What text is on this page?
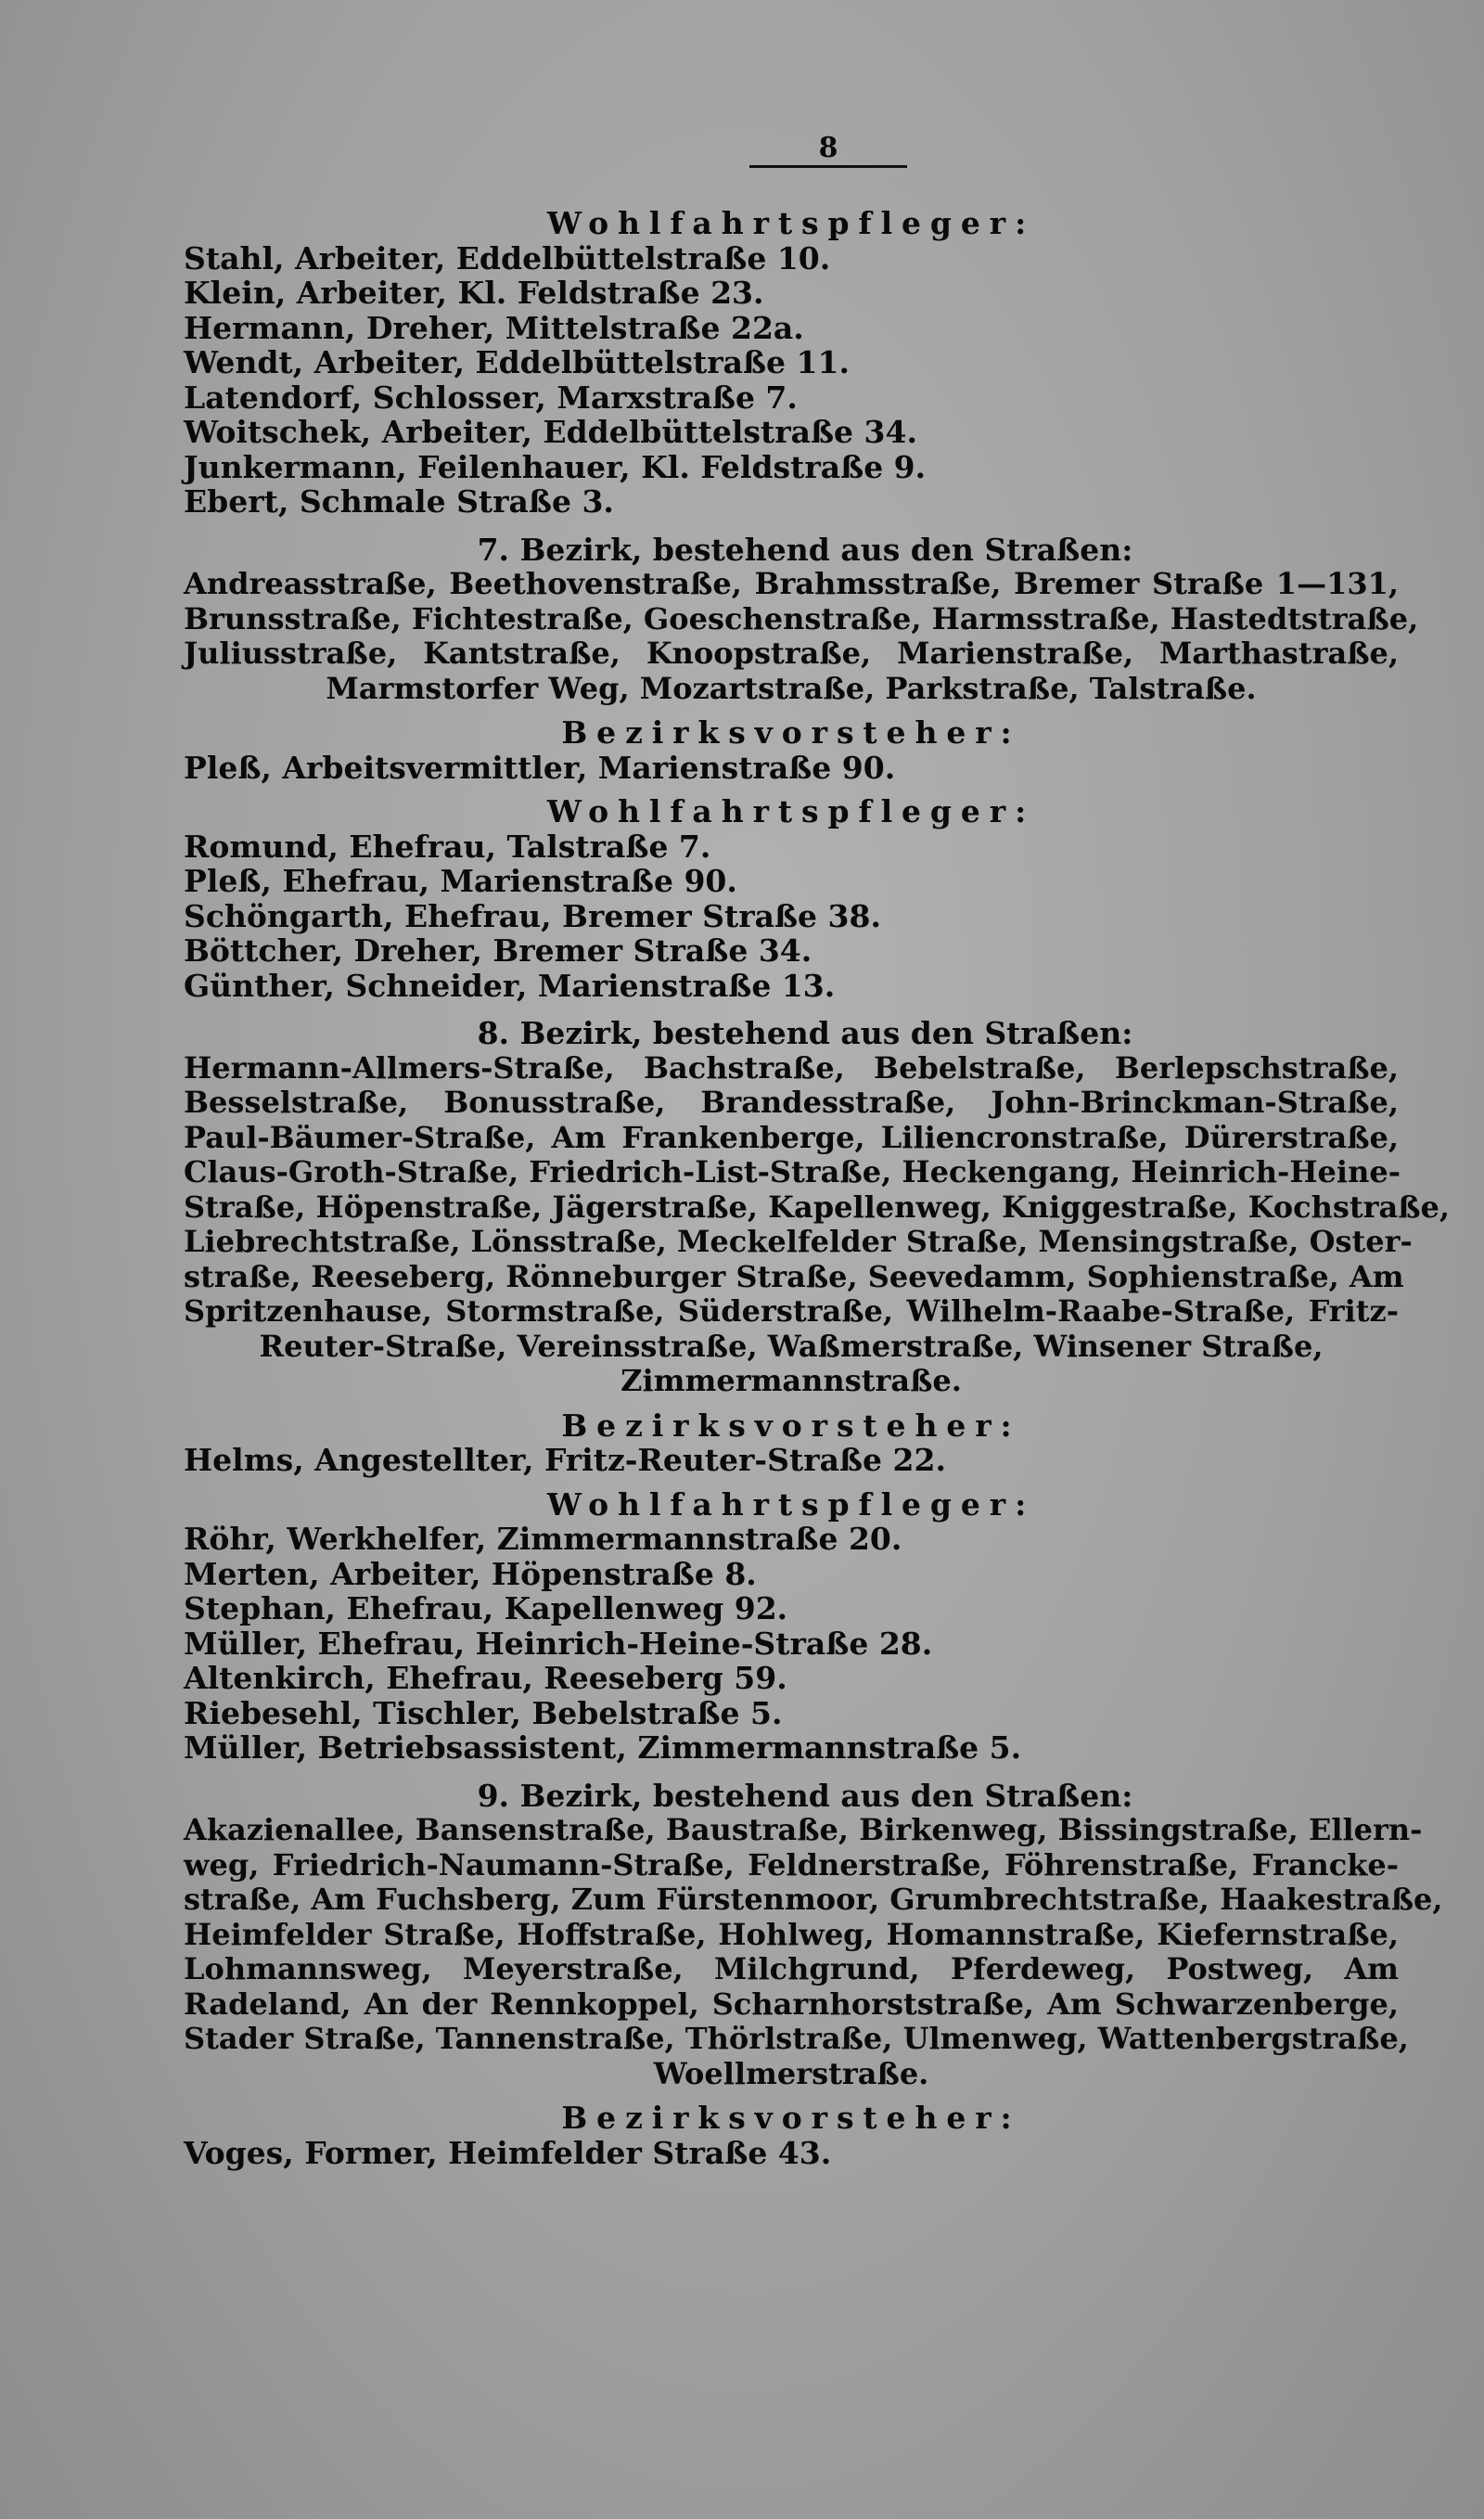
8
Wohlfahrtspfleger:
Stahl, Arbeiter, Eddelbüttelstraße 10.
Klein, Arbeiter, Kl. Feldstraße 23.
Hermann, Dreher, Mittelstraße 22a.
Wendt, Arbeiter, Eddelbüttelstraße 11.
Latendorf, Schlosser, Marxstraße 7.
Woitschek, Arbeiter, Eddelbüttelstraße 34.
Junkermann, Feilenhauer, Kl. Feldstraße 9.
Ebert, Schmale Straße 3.
7. Bezirk, bestehend aus den Straßen:
Andreasstraße, Beethovenstraße, Brahmsstraße, Bremer Straße 1—131,
Brunsstraße, Fichtestraße, Goeschenstraße, Harmsstraße, Hastedtstraße,
Juliusstraße, Kantstraße, Knoopstraße, Marienstraße, Marthastraße,
Marmstorfer Weg, Mozartstraße, Parkstraße, Talstraße.
Bezirksvorsteher:
Pleß, Arbeitsvermittler, Marienstraße 90.
Wohlfahrtspfleger:
Romund, Ehefrau, Talstraße 7.
Pleß, Ehefrau, Marienstraße 90.
Schöngarth, Ehefrau, Bremer Straße 38.
Böttcher, Dreher, Bremer Straße 34.
Günther, Schneider, Marienstraße 13.
8. Bezirk, bestehend aus den Straßen:
Hermann-Allmers-Straße, Bachstraße, Bebelstraße, Berlepschstraße,
Besselstraße, Bonusstraße, Brandesstraße, John-Brinckman-Straße,
Paul-Bäumer-Straße, Am Frankenberge, Liliencronstraße, Dürerstraße,
Claus-Groth-Straße, Friedrich-List-Straße, Heckengang, Heinrich-Heine-
Straße, Höpenstraße, Jägerstraße, Kapellenweg, Kniggestraße, Kochstraße,
Liebrechtstraße, Lönsstraße, Meckelfelder Straße, Mensingstraße, Oster-
straße, Reeseberg, Rönneburger Straße, Seevedamm, Sophienstraße, Am
Spritzenhause, Stormstraße, Süderstraße, Wilhelm-Raabe-Straße, Fritz-
Reuter-Straße, Vereinsstraße, Waßmerstraße, Winsener Straße,
Zimmermannstraße.
Bezirksvorsteher:
Helms, Angestellter, Fritz-Reuter-Straße 22.
Wohlfahrtspfleger:
Röhr, Werkhelfer, Zimmermannstraße 20.
Merten, Arbeiter, Höpenstraße 8.
Stephan, Ehefrau, Kapellenweg 92.
Müller, Ehefrau, Heinrich-Heine-Straße 28.
Altenkirch, Ehefrau, Reeseberg 59.
Riebesehl, Tischler, Bebelstraße 5.
Müller, Betriebsassistent, Zimmermannstraße 5.
9. Bezirk, bestehend aus den Straßen:
Akazienallee, Bansenstraße, Baustraße, Birkenweg, Bissingstraße, Ellern-
weg, Friedrich-Naumann-Straße, Feldnerstraße, Föhrenstraße, Francke-
straße, Am Fuchsberg, Zum Fürstenmoor, Grumbrechtstraße, Haakestraße,
Heimfelder Straße, Hoffstraße, Hohlweg, Homannstraße, Kiefernstraße,
Lohmannsweg, Meyerstraße, Milchgrund, Pferdeweg, Postweg, Am
Radeland, An der Rennkoppel, Scharnhorststraße, Am Schwarzenberge,
Stader Straße, Tannenstraße, Thörlstraße, Ulmenweg, Wattenbergstraße,
Woellmerstraße.
Bezirksvorsteher:
Voges, Former, Heimfelder Straße 43.
